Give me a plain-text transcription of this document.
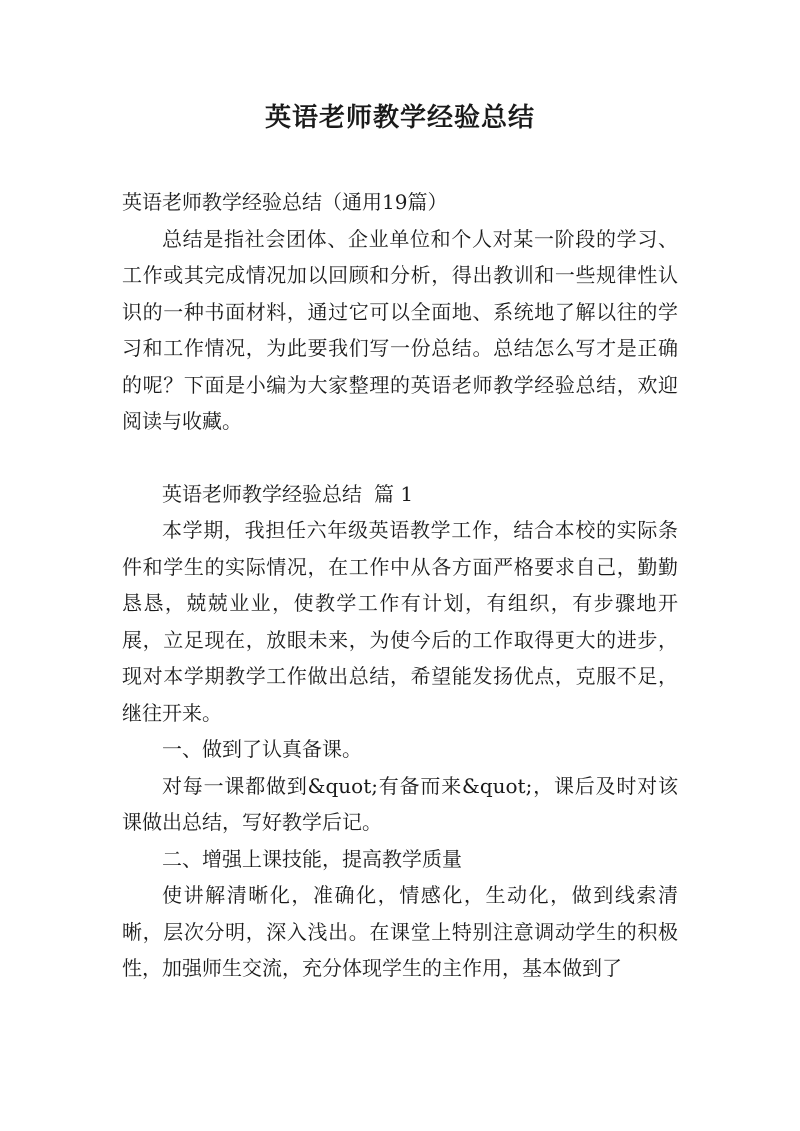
英语老师教学经验总结

英语老师教学经验总结（通用19篇）

总结是指社会团体、企业单位和个人对某一阶段的学习、工作或其完成情况加以回顾和分析，得出教训和一些规律性认识的一种书面材料，通过它可以全面地、系统地了解以往的学习和工作情况，为此要我们写一份总结。总结怎么写才是正确的呢？下面是小编为大家整理的英语老师教学经验总结，欢迎阅读与收藏。

英语老师教学经验总结 篇 1

本学期，我担任六年级英语教学工作，结合本校的实际条件和学生的实际情况，在工作中从各方面严格要求自己，勤勤恳恳，兢兢业业，使教学工作有计划，有组织，有步骤地开展，立足现在，放眼未来，为使今后的工作取得更大的进步，现对本学期教学工作做出总结，希望能发扬优点，克服不足，继往开来。

一、做到了认真备课。

对每一课都做到&quot;有备而来&quot;，课后及时对该课做出总结，写好教学后记。

二、增强上课技能，提高教学质量

使讲解清晰化，准确化，情感化，生动化，做到线索清晰，层次分明，深入浅出。在课堂上特别注意调动学生的积极性，加强师生交流，充分体现学生的主作用，基本做到了
